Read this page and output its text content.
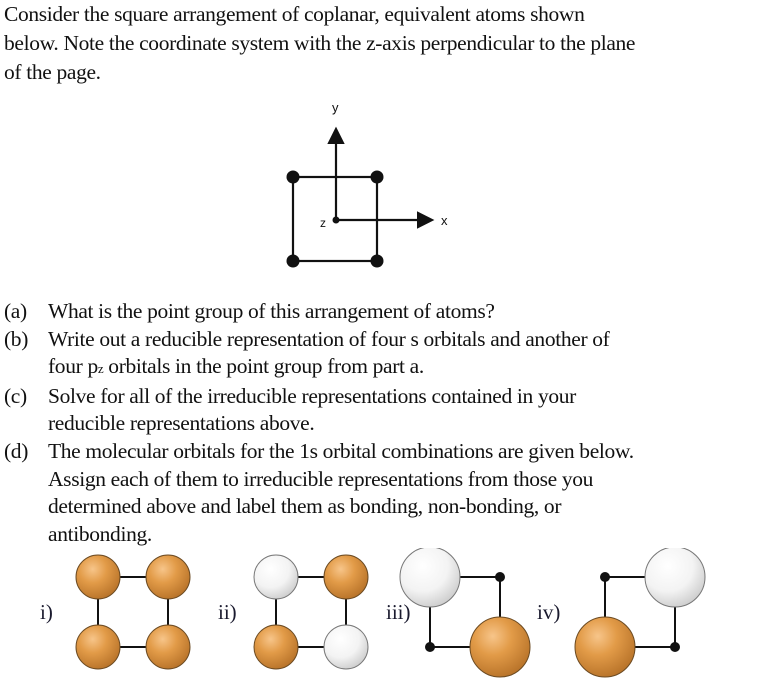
Consider the square arrangement of coplanar, equivalent atoms shown
below. Note the coordinate system with the z-axis perpendicular to the plane
of the page.
y
x
z
(a) What is the point group of this arrangement of atoms?
(b) Write out a reducible representation of four s orbitals and another of
four pz orbitals in the point group from part a.
(c) Solve for all of the irreducible representations contained in your
reducible representations above.
(d) The molecular orbitals for the 1s orbital combinations are given below.
Assign each of them to irreducible representations from those you
determined above and label them as bonding, non-bonding, or
antibonding.
i)	ii)	iii)	iv)
